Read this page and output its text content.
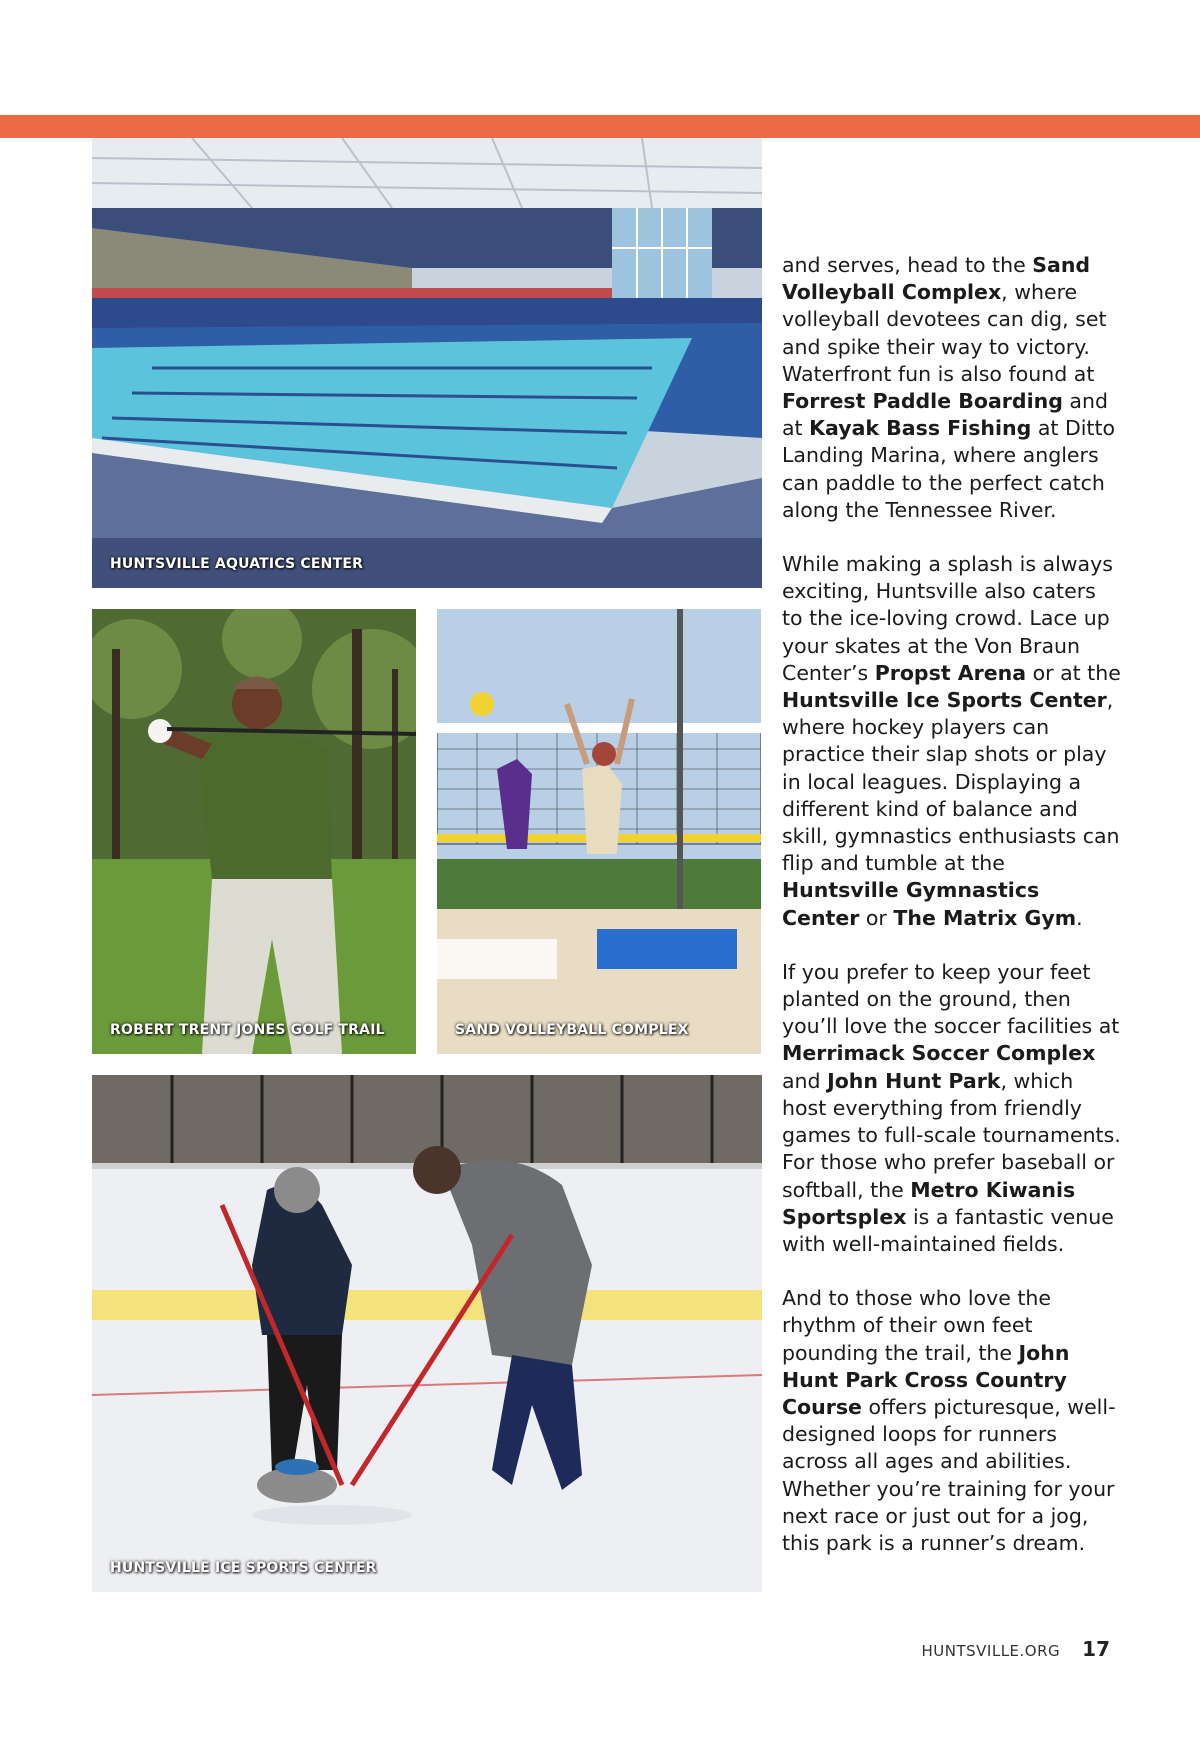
HUNTSVILLE AQUATICS CENTER
ROBERT TRENT JONES GOLF TRAIL	SAND VOLLEYBALL COMPLEX
HUNTSVILLE ICE SPORTS CENTER

and serves, head to the Sand Volleyball Complex, where volleyball devotees can dig, set and spike their way to victory. Waterfront fun is also found at Forrest Paddle Boarding and at Kayak Bass Fishing at Ditto Landing Marina, where anglers can paddle to the perfect catch along the Tennessee River.

While making a splash is always exciting, Huntsville also caters to the ice-loving crowd. Lace up your skates at the Von Braun Center’s Propst Arena or at the Huntsville Ice Sports Center, where hockey players can practice their slap shots or play in local leagues. Displaying a different kind of balance and skill, gymnastics enthusiasts can flip and tumble at the Huntsville Gymnastics Center or The Matrix Gym.

If you prefer to keep your feet planted on the ground, then you’ll love the soccer facilities at Merrimack Soccer Complex and John Hunt Park, which host everything from friendly games to full-scale tournaments. For those who prefer baseball or softball, the Metro Kiwanis Sportsplex is a fantastic venue with well-maintained fields.

And to those who love the rhythm of their own feet pounding the trail, the John Hunt Park Cross Country Course offers picturesque, well-designed loops for runners across all ages and abilities. Whether you’re training for your next race or just out for a jog, this park is a runner’s dream.

HUNTSVILLE.ORG 17
